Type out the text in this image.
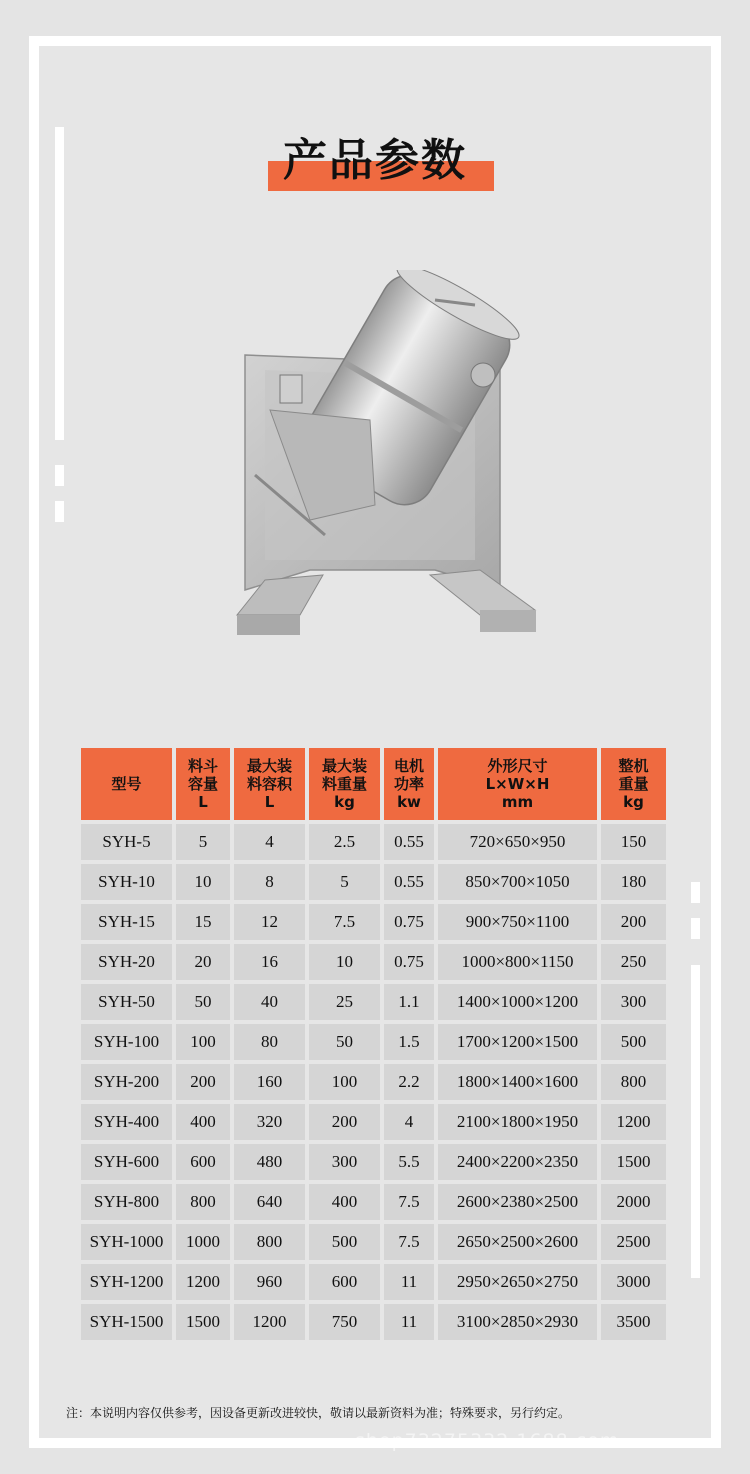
产品参数
型号	料斗
容量
L	最大装
料容积
L	最大装
料重量
kg	电机
功率
kw	外形尺寸
L×W×H
mm	整机
重量
kg

SYH-5	5	4	2.5	0.55	720×650×950	150
SYH-10	10	8	5	0.55	850×700×1050	180
SYH-15	15	12	7.5	0.75	900×750×1100	200
SYH-20	20	16	10	0.75	1000×800×1150	250
SYH-50	50	40	25	1.1	1400×1000×1200	300
SYH-100	100	80	50	1.5	1700×1200×1500	500
SYH-200	200	160	100	2.2	1800×1400×1600	800
SYH-400	400	320	200	4	2100×1800×1950	1200
SYH-600	600	480	300	5.5	2400×2200×2350	1500
SYH-800	800	640	400	7.5	2600×2380×2500	2000
SYH-1000	1000	800	500	7.5	2650×2500×2600	2500
SYH-1200	1200	960	600	11	2950×2650×2750	3000
SYH-1500	1500	1200	750	11	3100×2850×2930	3500
注：本说明内容仅供参考，因设备更新改进较快，敬请以最新资料为准；特殊要求，另行约定。
shop73275332.1688.com
